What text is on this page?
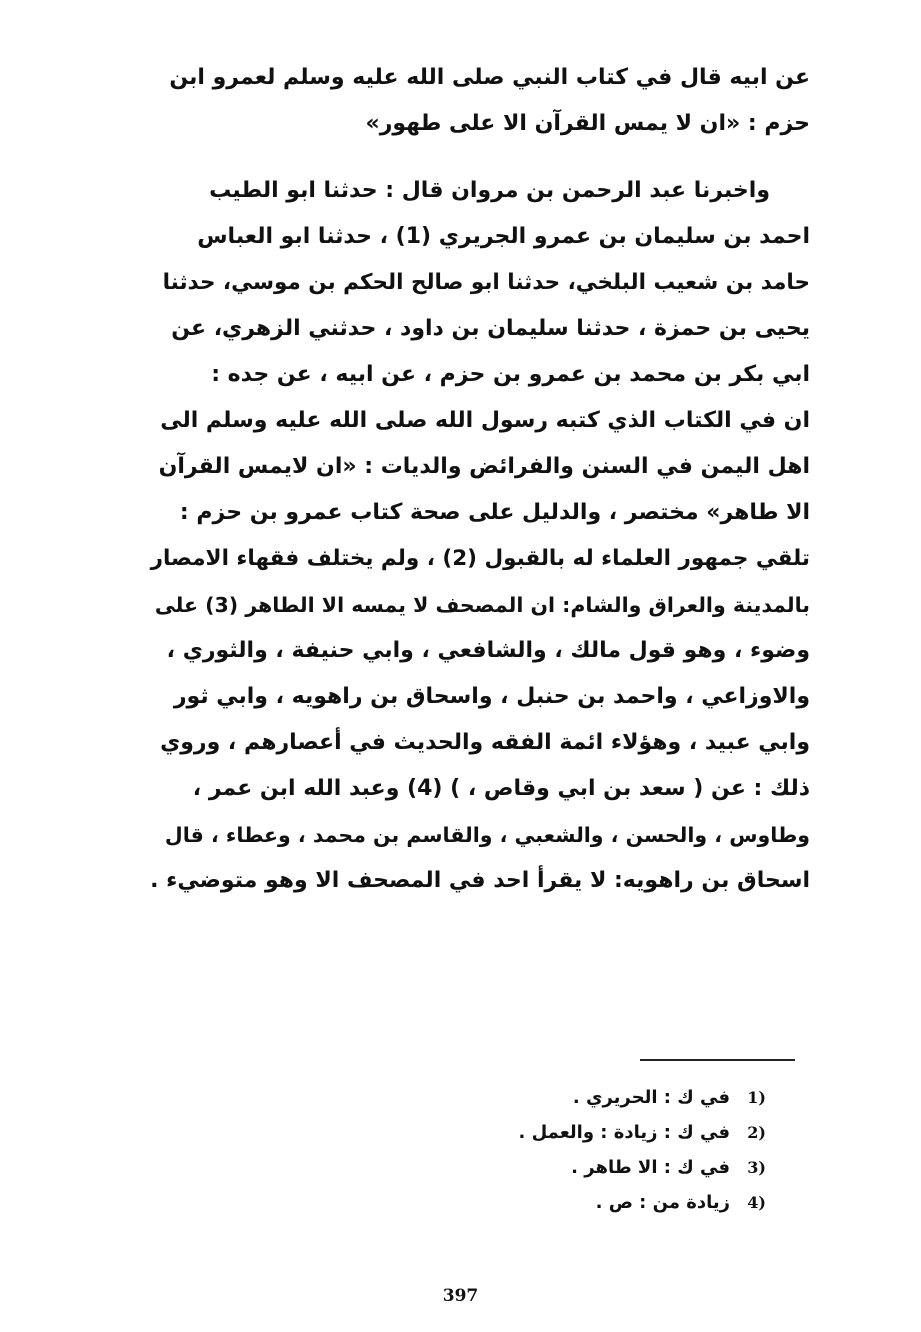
عن ابيه قال في كتاب النبي صلى الله عليه وسلم لعمرو ابن
حزم : «ان لا يمس القرآن الا على طهور»
واخبرنا عبد الرحمن بن مروان قال : حدثنا ابو الطيب
احمد بن سليمان بن عمرو الجريري (1) ، حدثنا ابو العباس
حامد بن شعيب البلخي، حدثنا ابو صالح الحكم بن موسي، حدثنا
يحيى بن حمزة ، حدثنا سليمان بن داود ، حدثني الزهري، عن
ابي بكر بن محمد بن عمرو بن حزم ، عن ابيه ، عن جده :
ان في الكتاب الذي كتبه رسول الله صلى الله عليه وسلم الى
اهل اليمن في السنن والفرائض والديات : «ان لايمس القرآن
الا طاهر» مختصر ، والدليل على صحة كتاب عمرو بن حزم :
تلقي جمهور العلماء له بالقبول (2) ، ولم يختلف فقهاء الامصار
بالمدينة والعراق والشام: ان المصحف لا يمسه الا الطاهر (3) على
وضوء ، وهو قول مالك ، والشافعي ، وابي حنيفة ، والثوري ،
والاوزاعي ، واحمد بن حنبل ، واسحاق بن راهويه ، وابي ثور
وابي عبيد ، وهؤلاء ائمة الفقه والحديث في أعصارهم ، وروي
ذلك : عن ( سعد بن ابي وقاص ، ) (4) وعبد الله ابن عمر ،
وطاوس ، والحسن ، والشعبي ، والقاسم بن محمد ، وعطاء ، قال
اسحاق بن راهويه: لا يقرأ احد في المصحف الا وهو متوضيء .
1)
في ك : الحريري .
2)
في ك : زيادة : والعمل .
3)
في ك : الا طاهر .
4)
زيادة من : ص .
397
